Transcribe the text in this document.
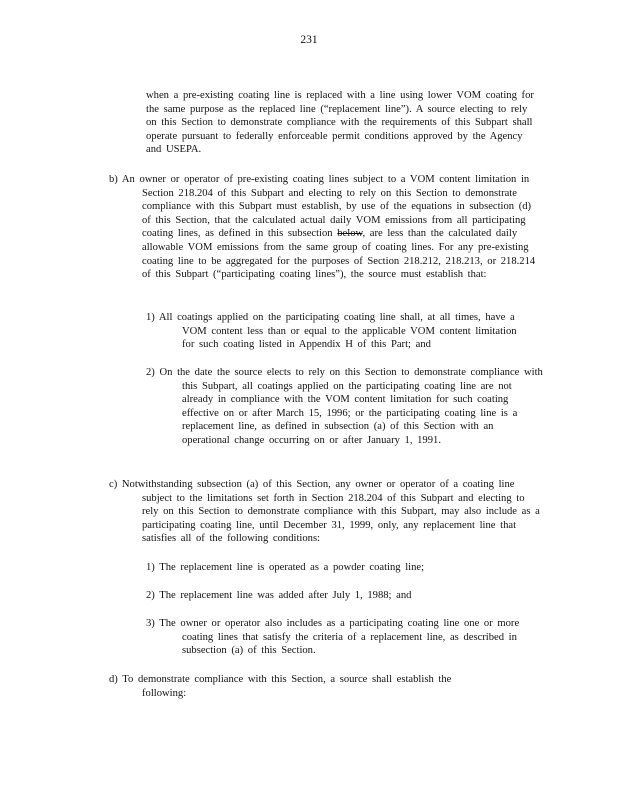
231

when a pre-existing coating line is replaced with a line using lower VOM coating for the same purpose as the replaced line (“replacement line”). A source electing to rely on this Section to demonstrate compliance with the requirements of this Subpart shall operate pursuant to federally enforceable permit conditions approved by the Agency and USEPA.

b) An owner or operator of pre-existing coating lines subject to a VOM content limitation in Section 218.204 of this Subpart and electing to rely on this Section to demonstrate compliance with this Subpart must establish, by use of the equations in subsection (d) of this Section, that the calculated actual daily VOM emissions from all participating coating lines, as defined in this subsection below, are less than the calculated daily allowable VOM emissions from the same group of coating lines. For any pre-existing coating line to be aggregated for the purposes of Section 218.212, 218.213, or 218.214 of this Subpart (“participating coating lines”), the source must establish that:

1) All coatings applied on the participating coating line shall, at all times, have a VOM content less than or equal to the applicable VOM content limitation for such coating listed in Appendix H of this Part; and

2) On the date the source elects to rely on this Section to demonstrate compliance with this Subpart, all coatings applied on the participating coating line are not already in compliance with the VOM content limitation for such coating effective on or after March 15, 1996; or the participating coating line is a replacement line, as defined in subsection (a) of this Section with an operational change occurring on or after January 1, 1991.

c) Notwithstanding subsection (a) of this Section, any owner or operator of a coating line subject to the limitations set forth in Section 218.204 of this Subpart and electing to rely on this Section to demonstrate compliance with this Subpart, may also include as a participating coating line, until December 31, 1999, only, any replacement line that satisfies all of the following conditions:

1) The replacement line is operated as a powder coating line;

2) The replacement line was added after July 1, 1988; and

3) The owner or operator also includes as a participating coating line one or more coating lines that satisfy the criteria of a replacement line, as described in subsection (a) of this Section.

d) To demonstrate compliance with this Section, a source shall establish the following:
